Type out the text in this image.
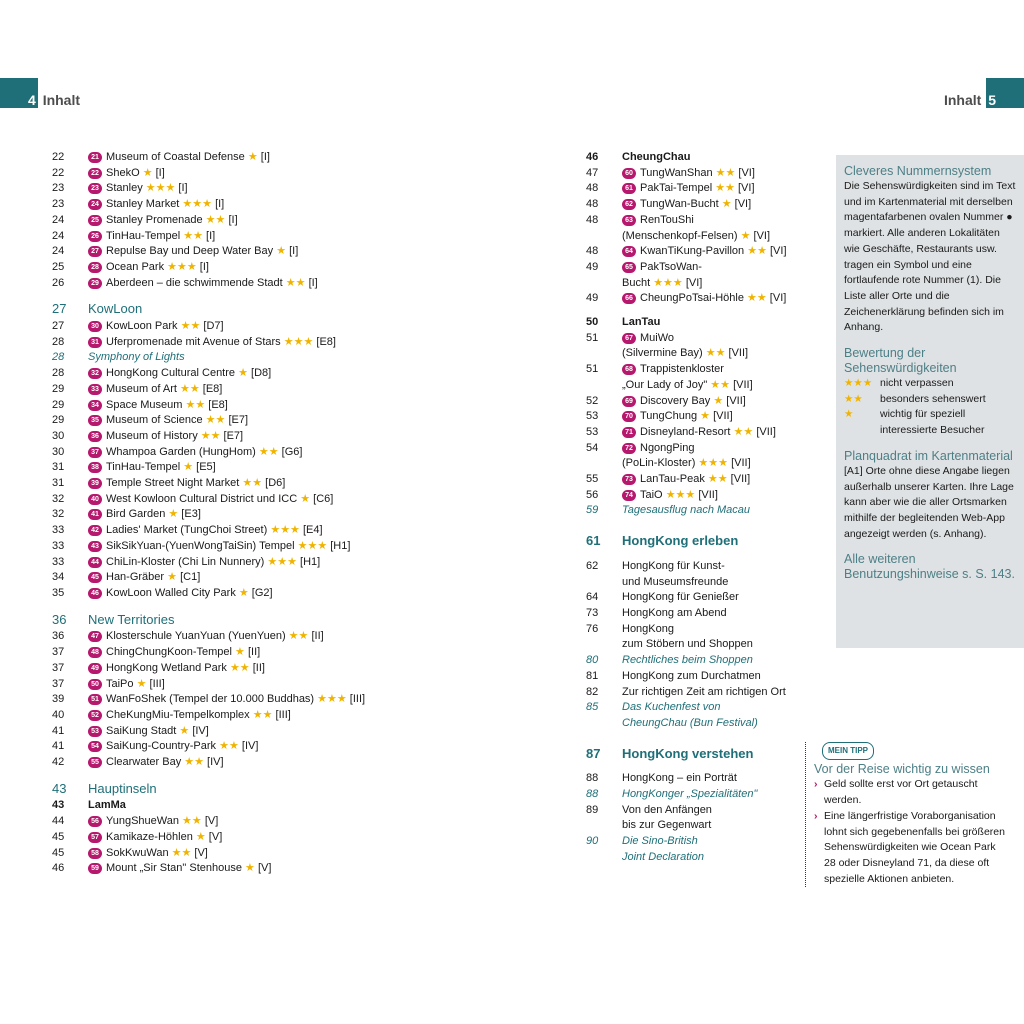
4 Inhalt	Inhalt 5
22	21 Museum of Coastal Defense ★ [I]
22	22 ShekO ★ [I]
23	23 Stanley ★★★ [I]
23	24 Stanley Market ★★★ [I]
24	25 Stanley Promenade ★★ [I]
24	26 TinHau-Tempel ★★ [I]
24	27 Repulse Bay und Deep Water Bay ★ [I]
25	28 Ocean Park ★★★ [I]
26	29 Aberdeen – die schwimmende Stadt ★★ [I]
27	KowLoon
27	30 KowLoon Park ★★ [D7]
28	31 Uferpromenade mit Avenue of Stars ★★★ [E8]
28	Symphony of Lights
28	32 HongKong Cultural Centre ★ [D8]
29	33 Museum of Art ★★ [E8]
29	34 Space Museum ★★ [E8]
29	35 Museum of Science ★★ [E7]
30	36 Museum of History ★★ [E7]
30	37 Whampoa Garden (HungHom) ★★ [G6]
31	38 TinHau-Tempel ★ [E5]
31	39 Temple Street Night Market ★★ [D6]
32	40 West Kowloon Cultural District und ICC ★ [C6]
32	41 Bird Garden ★ [E3]
33	42 Ladies' Market (TungChoi Street) ★★★ [E4]
33	43 SikSikYuan-(YuenWongTaiSin) Tempel ★★★ [H1]
33	44 ChiLin-Kloster (Chi Lin Nunnery) ★★★ [H1]
34	45 Han-Gräber ★ [C1]
35	46 KowLoon Walled City Park ★ [G2]
36	New Territories
36	47 Klosterschule YuanYuan (YuenYuen) ★★ [II]
37	48 ChingChungKoon-Tempel ★ [II]
37	49 HongKong Wetland Park ★★ [II]
37	50 TaiPo ★ [III]
39	51 WanFoShek (Tempel der 10.000 Buddhas) ★★★ [III]
40	52 CheKungMiu-Tempelkomplex ★★ [III]
41	53 SaiKung Stadt ★ [IV]
41	54 SaiKung-Country-Park ★★ [IV]
42	55 Clearwater Bay ★★ [IV]
43	Hauptinseln
43	LamMa
44	56 YungShueWan ★★ [V]
45	57 Kamikaze-Höhlen ★ [V]
45	58 SokKwuWan ★★ [V]
46	59 Mount „Sir Stan" Stenhouse ★ [V]
46	CheungChau
47	60 TungWanShan ★★ [VI]
48	61 PakTai-Tempel ★★ [VI]
48	62 TungWan-Bucht ★ [VI]
48	63 RenTouShi
(Menschenkopf-Felsen) ★ [VI]
48	64 KwanTiKung-Pavillon ★★ [VI]
49	65 PakTsoWan-
Bucht ★★★ [VI]
49	66 CheungPoTsai-Höhle ★★ [VI]
50	LanTau
51	67 MuiWo
(Silvermine Bay) ★★ [VII]
51	68 Trappistenkloster
„Our Lady of Joy" ★★ [VII]
52	69 Discovery Bay ★ [VII]
53	70 TungChung ★ [VII]
53	71 Disneyland-Resort ★★ [VII]
54	72 NgongPing
(PoLin-Kloster) ★★★ [VII]
55	73 LanTau-Peak ★★ [VII]
56	74 TaiO ★★★ [VII]
59	Tagesausflug nach Macau
61	HongKong erleben
62	HongKong für Kunst-
und Museumsfreunde
64	HongKong für Genießer
73	HongKong am Abend
76	HongKong
zum Stöbern und Shoppen
80	Rechtliches beim Shoppen
81	HongKong zum Durchatmen
82	Zur richtigen Zeit am richtigen Ort
85	Das Kuchenfest von
CheungChau (Bun Festival)
87	HongKong verstehen
88	HongKong – ein Porträt
88	HongKonger „Spezialitäten"
89	Von den Anfängen
bis zur Gegenwart
90	Die Sino-British
Joint Declaration
Cleveres Nummernsystem
Die Sehenswürdigkeiten sind im Text und im Kartenmaterial mit derselben magentafarbenen ovalen Nummer ● markiert. Alle anderen Lokalitäten wie Geschäfte, Restaurants usw. tragen ein Symbol und eine fortlaufende rote Nummer (1). Die Liste aller Orte und die Zeichenerklärung befinden sich im Anhang.
Bewertung der Sehenswürdigkeiten
★★★ nicht verpassen
★★	besonders sehenswert
★	wichtig für speziell interessierte Besucher
Planquadrat im Kartenmaterial
[A1] Orte ohne diese Angabe liegen außerhalb unserer Karten. Ihre Lage kann aber wie die aller Ortsmarken mithilfe der begleitenden Web-App angezeigt werden (s. Anhang).
Alle weiteren Benutzungshinweise s. S. 143.
MEIN TIPP
Vor der Reise wichtig zu wissen
› Geld sollte erst vor Ort getauscht werden.
› Eine längerfristige Voraborganisation lohnt sich gegebenenfalls bei größeren Sehenswürdigkeiten wie Ocean Park 28 oder Disneyland 71, da diese oft spezielle Aktionen anbieten.
